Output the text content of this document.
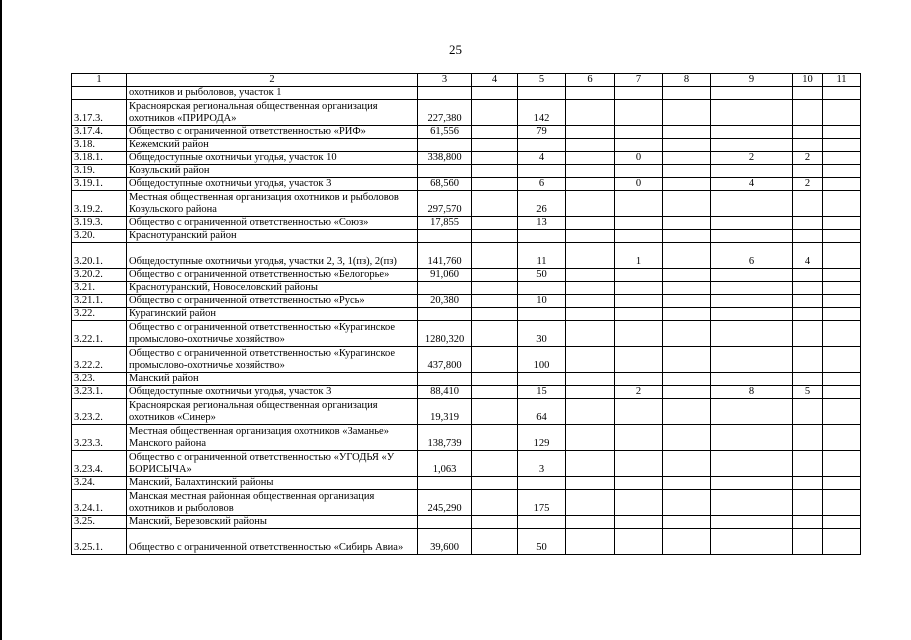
25
1	2	3	4	5	6	7	8	9	10	11
	охотников и рыболовов, участок 1									
3.17.3.	Красноярская региональная общественная организация охотников «ПРИРОДА»	227,380		142						
3.17.4.	Общество с ограниченной ответственностью «РИФ»	61,556		79						
3.18.	Кежемский район									
3.18.1.	Общедоступные охотничьи угодья, участок 10	338,800		4		0		2	2	
3.19.	Козульский район									
3.19.1.	Общедоступные охотничьи угодья, участок 3	68,560		6		0		4	2	
3.19.2.	Местная общественная организация охотников и рыболовов Козульского района	297,570		26						
3.19.3.	Общество с ограниченной ответственностью «Союз»	17,855		13						
3.20.	Краснотуранский район									
3.20.1.	Общедоступные охотничьи угодья, участки 2, 3, 1(пз), 2(пз)	141,760		11		1		6	4	
3.20.2.	Общество с ограниченной ответственностью «Белогорье»	91,060		50						
3.21.	Краснотуранский, Новоселовский районы									
3.21.1.	Общество с ограниченной ответственностью «Русь»	20,380		10						
3.22.	Курагинский район									
3.22.1.	Общество с ограниченной ответственностью «Курагинское промыслово-охотничье хозяйство»	1280,320		30						
3.22.2.	Общество с ограниченной ответственностью «Курагинское промыслово-охотничье хозяйство»	437,800		100						
3.23.	Манский район									
3.23.1.	Общедоступные охотничьи угодья, участок 3	88,410		15		2		8	5	
3.23.2.	Красноярская региональная общественная организация охотников «Синер»	19,319		64						
3.23.3.	Местная общественная организация охотников «Заманье» Манского района	138,739		129						
3.23.4.	Общество с ограниченной ответственностью «УГОДЬЯ «У БОРИСЫЧА»	1,063		3						
3.24.	Манский, Балахтинский районы									
3.24.1.	Манская местная районная общественная организация охотников и рыболовов	245,290		175						
3.25.	Манский, Березовский районы									
3.25.1.	Общество с ограниченной ответственностью «Сибирь Авиа»	39,600		50						
